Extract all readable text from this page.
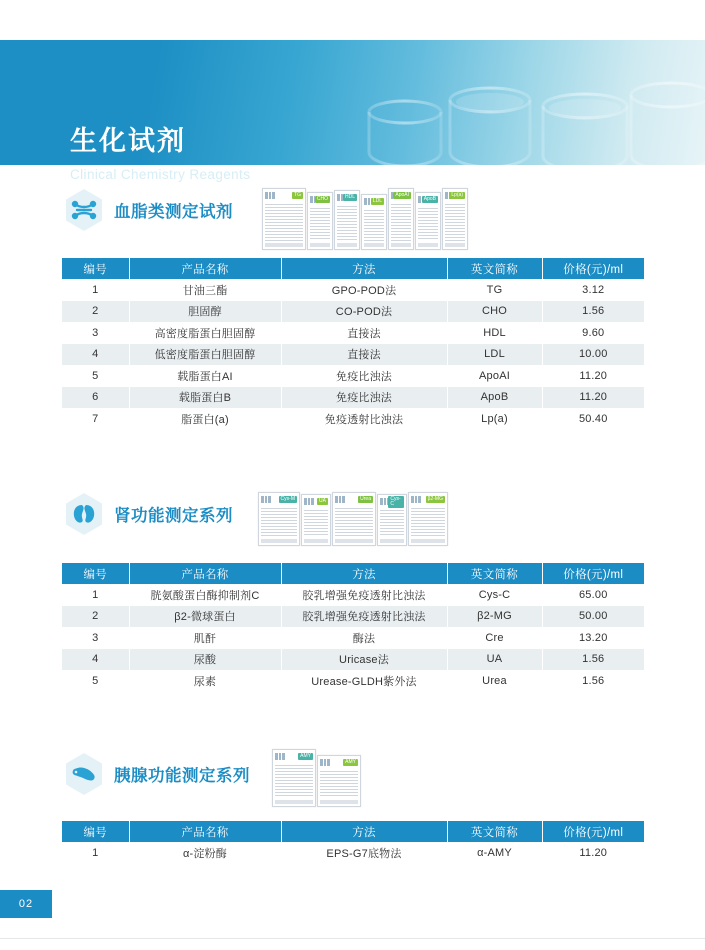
生化试剂
Clinical Chemistry Reagents
血脂类测定试剂
TG
CHO	HDL
LDL
ApoAI
ApoB
Lp(a)
编号	产品名称	方法	英文简称	价格(元)/ml
1	甘油三酯	GPO-POD法	TG	3.12
2	胆固醇	CO-POD法	CHO	1.56
3	高密度脂蛋白胆固醇	直接法	HDL	9.60
4	低密度脂蛋白胆固醇	直接法	LDL	10.00
5	载脂蛋白AI	免疫比浊法	ApoAI	11.20
6	载脂蛋白B	免疫比浊法	ApoB	11.20
7	脂蛋白(a)	免疫透射比浊法	Lp(a)	50.40
肾功能测定系列
Cys-M	UA	Urea	Cys-C
β2-MG
编号	产品名称	方法	英文简称	价格(元)/ml
1	胱氨酸蛋白酶抑制剂C	胶乳增强免疫透射比浊法	Cys-C	65.00
2	β2-微球蛋白	胶乳增强免疫透射比浊法	β2-MG	50.00
3	肌酐	酶法	Cre	13.20
4	尿酸	Uricase法	UA	1.56
5	尿素	Urease-GLDH紫外法	Urea	1.56
胰腺功能测定系列
AMY
AMY
编号	产品名称	方法	英文简称	价格(元)/ml
1	α-淀粉酶	EPS-G7底物法	α-AMY	11.20
02
